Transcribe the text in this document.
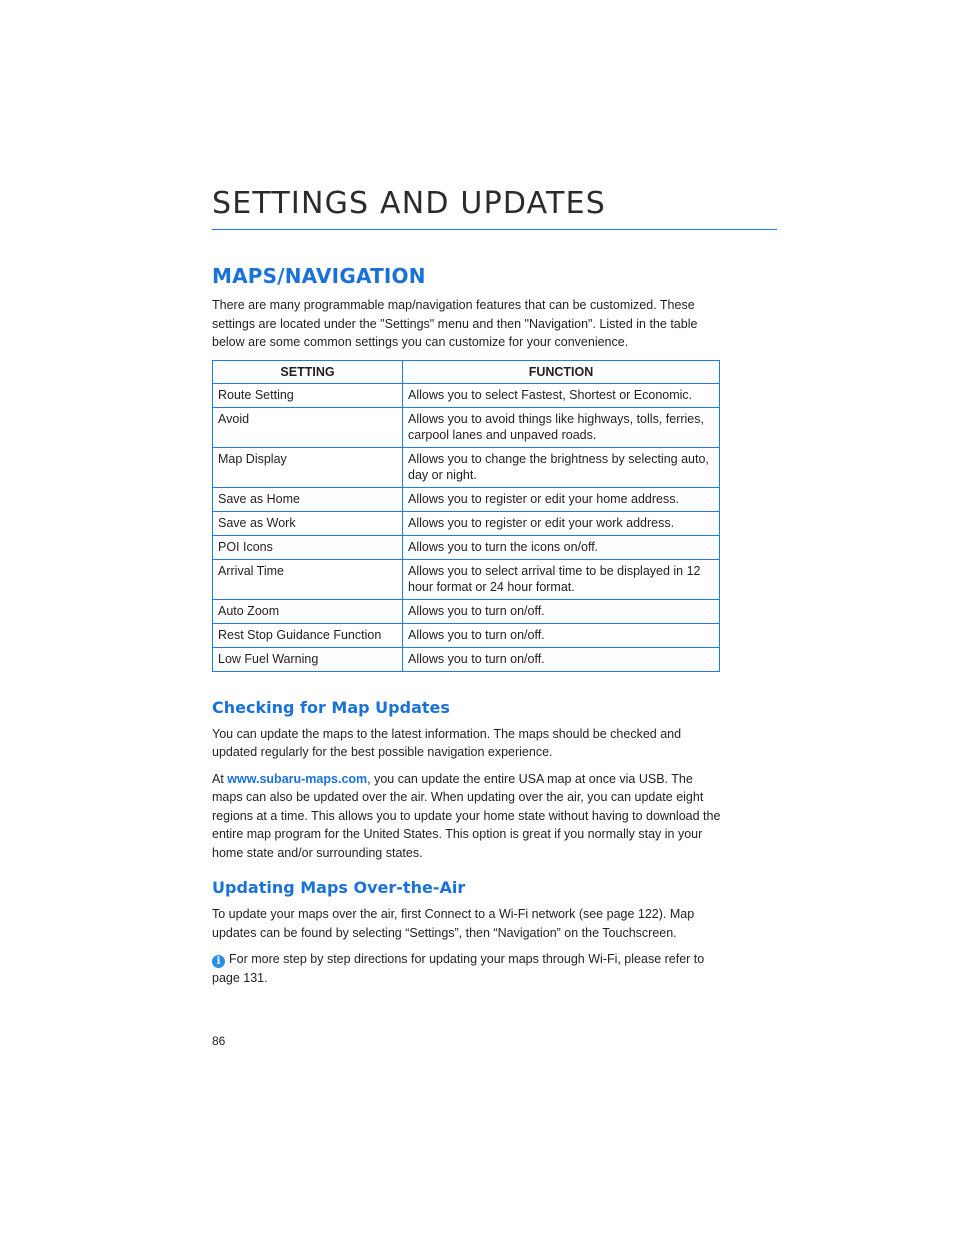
SETTINGS AND UPDATES
MAPS/NAVIGATION

There are many programmable map/navigation features that can be customized. These settings are located under the "Settings" menu and then "Navigation". Listed in the table below are some common settings you can customize for your convenience.

SETTING	FUNCTION
Route Setting	Allows you to select Fastest, Shortest or Economic.
Avoid	Allows you to avoid things like highways, tolls, ferries, carpool lanes and unpaved roads.
Map Display	Allows you to change the brightness by selecting auto, day or night.
Save as Home	Allows you to register or edit your home address.
Save as Work	Allows you to register or edit your work address.
POI Icons	Allows you to turn the icons on/off.
Arrival Time	Allows you to select arrival time to be displayed in 12 hour format or 24 hour format.
Auto Zoom	Allows you to turn on/off.
Rest Stop Guidance Function	Allows you to turn on/off.
Low Fuel Warning	Allows you to turn on/off.
Checking for Map Updates

You can update the maps to the latest information. The maps should be checked and updated regularly for the best possible navigation experience.

At www.subaru-maps.com, you can update the entire USA map at once via USB. The maps can also be updated over the air. When updating over the air, you can update eight regions at a time. This allows you to update your home state without having to download the entire map program for the United States. This option is great if you normally stay in your home state and/or surrounding states.

Updating Maps Over-the-Air

To update your maps over the air, first Connect to a Wi-Fi network (see page 122). Map updates can be found by selecting “Settings”, then “Navigation” on the Touchscreen.

i For more step by step directions for updating your maps through Wi-Fi, please refer to page 131.

86
